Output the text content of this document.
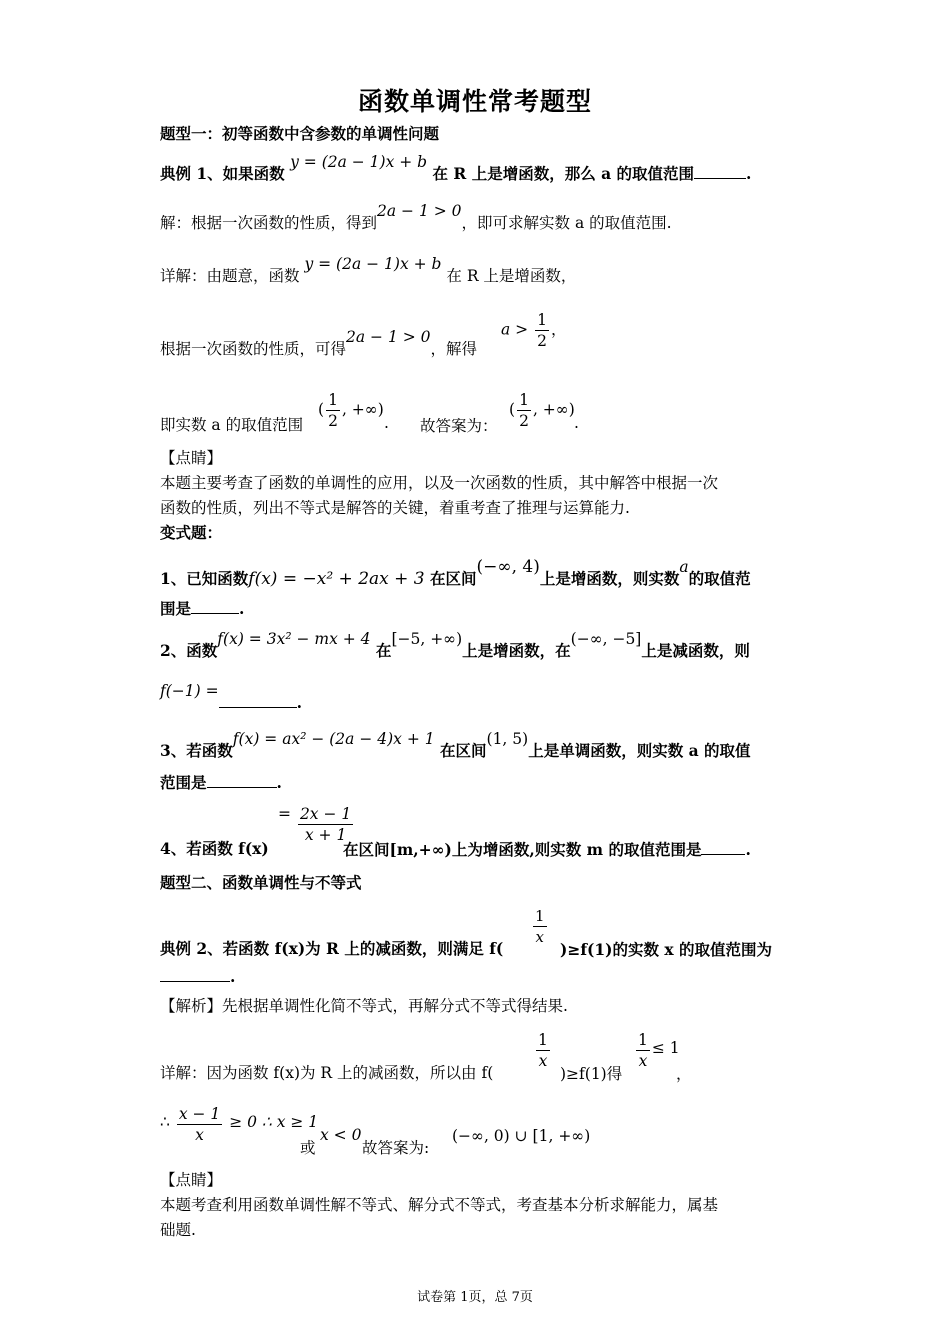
函数单调性常考题型
题型一：初等函数中含参数的单调性问题
典例 1、如果函数 y = (2a − 1)x + b 在 R 上是增函数，那么 a 的取值范围	.
解：根据一次函数的性质，得到2a − 1 > 0，即可求解实数 a 的取值范围.
详解：由题意，函数 y = (2a − 1)x + b 在 R 上是增函数，
根据一次函数的性质，可得2a − 1 > 0，解得
$a > \frac{1}{2}$ ，
即实数 a 的取值范围
( $\frac{1}{2}$ , +∞)
. 故答案为：
( $\frac{1}{2}$ , +∞)
.
【点睛】
本题主要考查了函数的单调性的应用，以及一次函数的性质，其中解答中根据一次
函数的性质，列出不等式是解答的关键，着重考查了推理与运算能力.
变式题：
1、已知函数f(x) = −x² + 2ax + 3 在区间(−∞, 4)上是增函数，则实数a的取值范
围是	.
2、函数f(x) = 3x² − mx + 4 在[−5, +∞)上是增函数，在(−∞, −5]上是减函数，则
f(−1) =.
3、若函数f(x) = ax² − (2a − 4)x + 1 在区间(1, 5)上是单调函数，则实数 a 的取值
范围是	.
4、若函数 f(x)
= $\frac{2x - 1}{x + 1}$
在区间[m,+∞)上为增函数,则实数 m 的取值范围是	.
题型二、函数单调性与不等式
典例 2、若函数 f(x)为 R 上的减函数，则满足 f(
$\frac{1}{x}$
)≥f(1)的实数 x 的取值范围为
.
【解析】先根据单调性化简不等式，再解分式不等式得结果.
详解：因为函数 f(x)为 R 上的减函数，所以由 f(
$\frac{1}{x}$
)≥f(1)得
$\frac{1}{x} \le 1$
，
∴ $\frac{x - 1}{x} \ge 0$ ∴ x ≥ 1
或
x < 0
故答案为:
(−∞, 0) ∪ [1, +∞)
【点睛】
本题考查利用函数单调性解不等式、解分式不等式，考查基本分析求解能力，属基
础题.
试卷第 1页，总 7页
